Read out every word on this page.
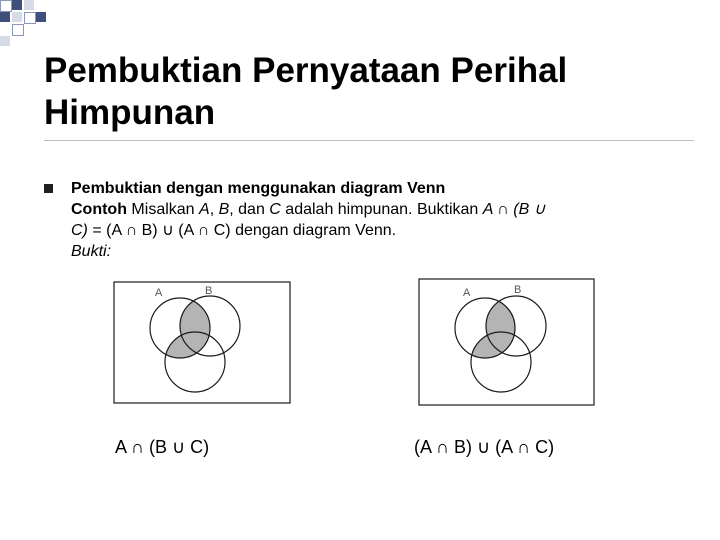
Pembuktian Pernyataan Perihal
Himpunan
Pembuktian dengan menggunakan diagram Venn
Contoh Misalkan A, B, dan C adalah himpunan. Buktikan A ∩ (B ∪
C) = (A ∩ B) ∪ (A ∩ C) dengan diagram Venn.
Bukti:
A	B	A	B
A ∩ (B ∪ C)	(A ∩ B) ∪ (A ∩ C)
